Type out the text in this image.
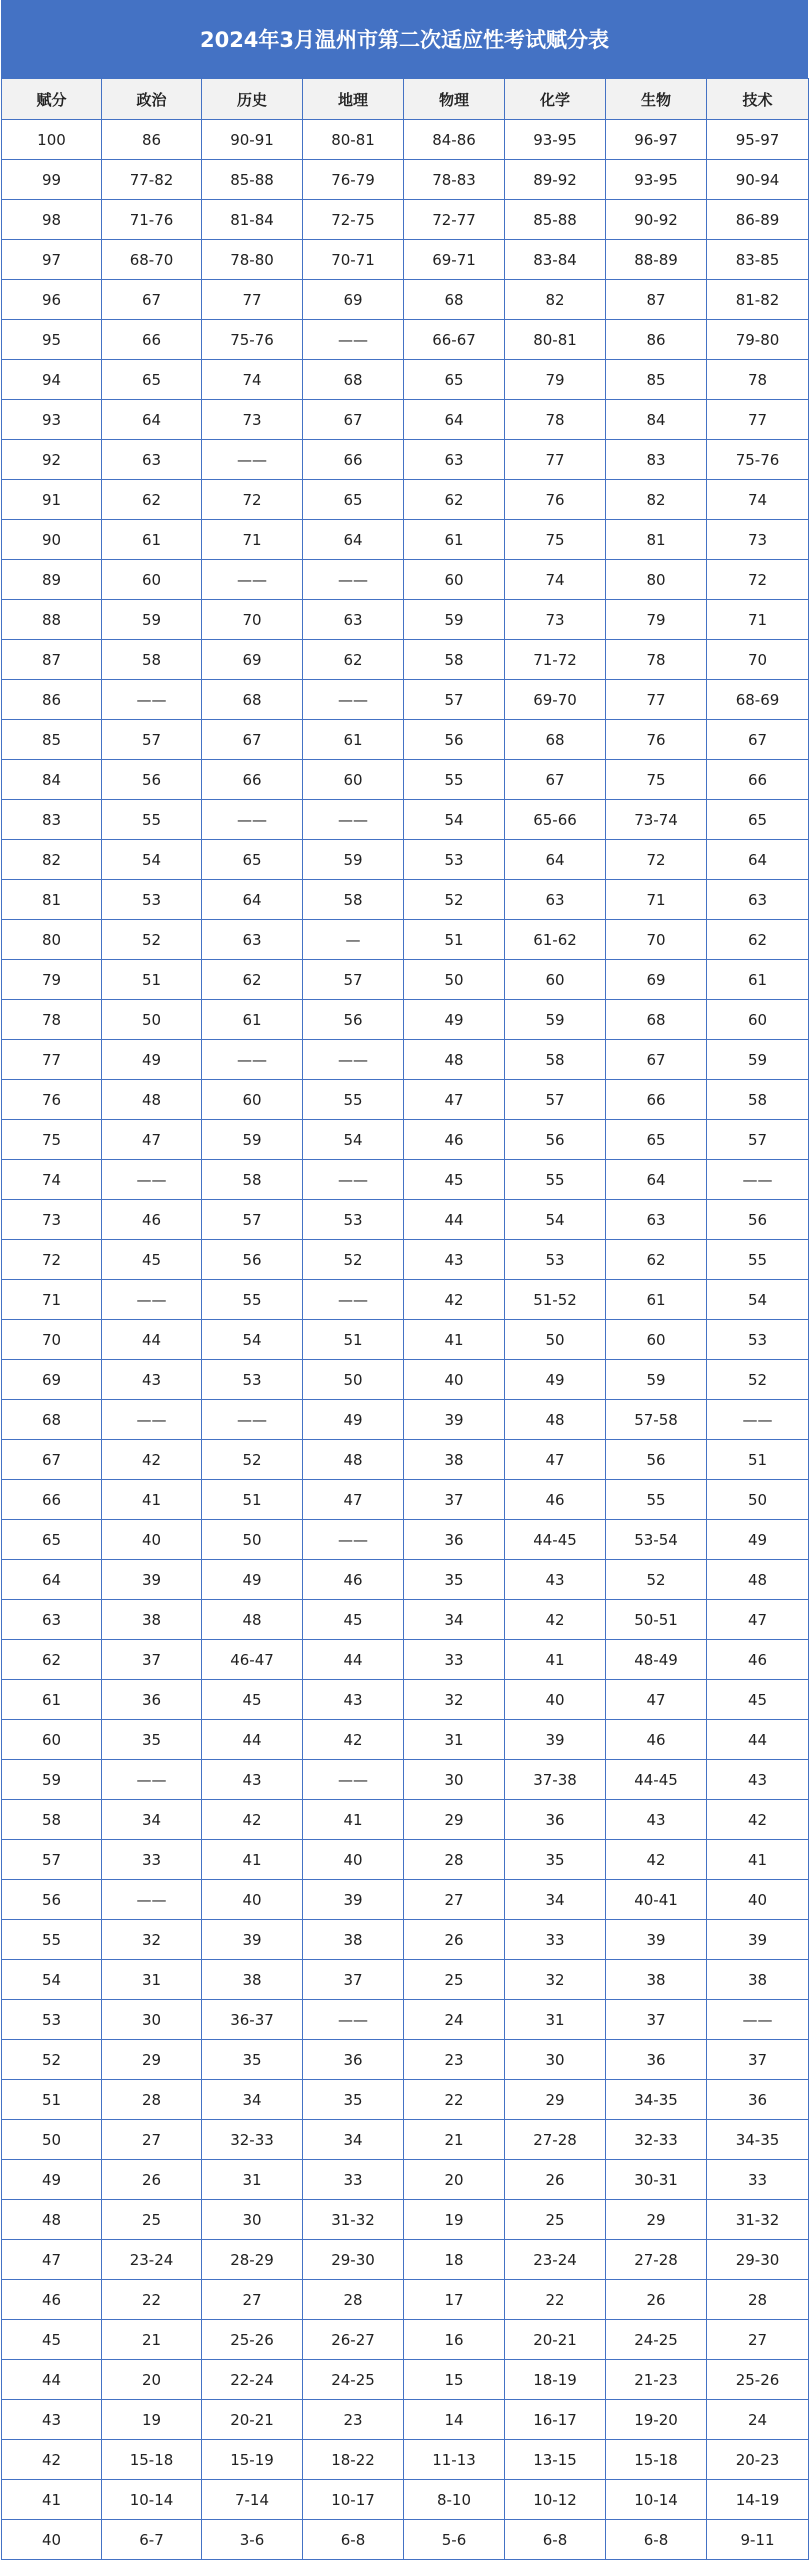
2024年3月温州市第二次适应性考试赋分表
赋分	政治	历史	地理	物理	化学	生物	技术
100	86	90-91	80-81	84-86	93-95	96-97	95-97
99	77-82	85-88	76-79	78-83	89-92	93-95	90-94
98	71-76	81-84	72-75	72-77	85-88	90-92	86-89
97	68-70	78-80	70-71	69-71	83-84	88-89	83-85
96	67	77	69	68	82	87	81-82
95	66	75-76	——	66-67	80-81	86	79-80
94	65	74	68	65	79	85	78
93	64	73	67	64	78	84	77
92	63	——	66	63	77	83	75-76
91	62	72	65	62	76	82	74
90	61	71	64	61	75	81	73
89	60	——	——	60	74	80	72
88	59	70	63	59	73	79	71
87	58	69	62	58	71-72	78	70
86	——	68	——	57	69-70	77	68-69
85	57	67	61	56	68	76	67
84	56	66	60	55	67	75	66
83	55	——	——	54	65-66	73-74	65
82	54	65	59	53	64	72	64
81	53	64	58	52	63	71	63
80	52	63	—	51	61-62	70	62
79	51	62	57	50	60	69	61
78	50	61	56	49	59	68	60
77	49	——	——	48	58	67	59
76	48	60	55	47	57	66	58
75	47	59	54	46	56	65	57
74	——	58	——	45	55	64	——
73	46	57	53	44	54	63	56
72	45	56	52	43	53	62	55
71	——	55	——	42	51-52	61	54
70	44	54	51	41	50	60	53
69	43	53	50	40	49	59	52
68	——	——	49	39	48	57-58	——
67	42	52	48	38	47	56	51
66	41	51	47	37	46	55	50
65	40	50	——	36	44-45	53-54	49
64	39	49	46	35	43	52	48
63	38	48	45	34	42	50-51	47
62	37	46-47	44	33	41	48-49	46
61	36	45	43	32	40	47	45
60	35	44	42	31	39	46	44
59	——	43	——	30	37-38	44-45	43
58	34	42	41	29	36	43	42
57	33	41	40	28	35	42	41
56	——	40	39	27	34	40-41	40
55	32	39	38	26	33	39	39
54	31	38	37	25	32	38	38
53	30	36-37	——	24	31	37	——
52	29	35	36	23	30	36	37
51	28	34	35	22	29	34-35	36
50	27	32-33	34	21	27-28	32-33	34-35
49	26	31	33	20	26	30-31	33
48	25	30	31-32	19	25	29	31-32
47	23-24	28-29	29-30	18	23-24	27-28	29-30
46	22	27	28	17	22	26	28
45	21	25-26	26-27	16	20-21	24-25	27
44	20	22-24	24-25	15	18-19	21-23	25-26
43	19	20-21	23	14	16-17	19-20	24
42	15-18	15-19	18-22	11-13	13-15	15-18	20-23
41	10-14	7-14	10-17	8-10	10-12	10-14	14-19
40	6-7	3-6	6-8	5-6	6-8	6-8	9-11
